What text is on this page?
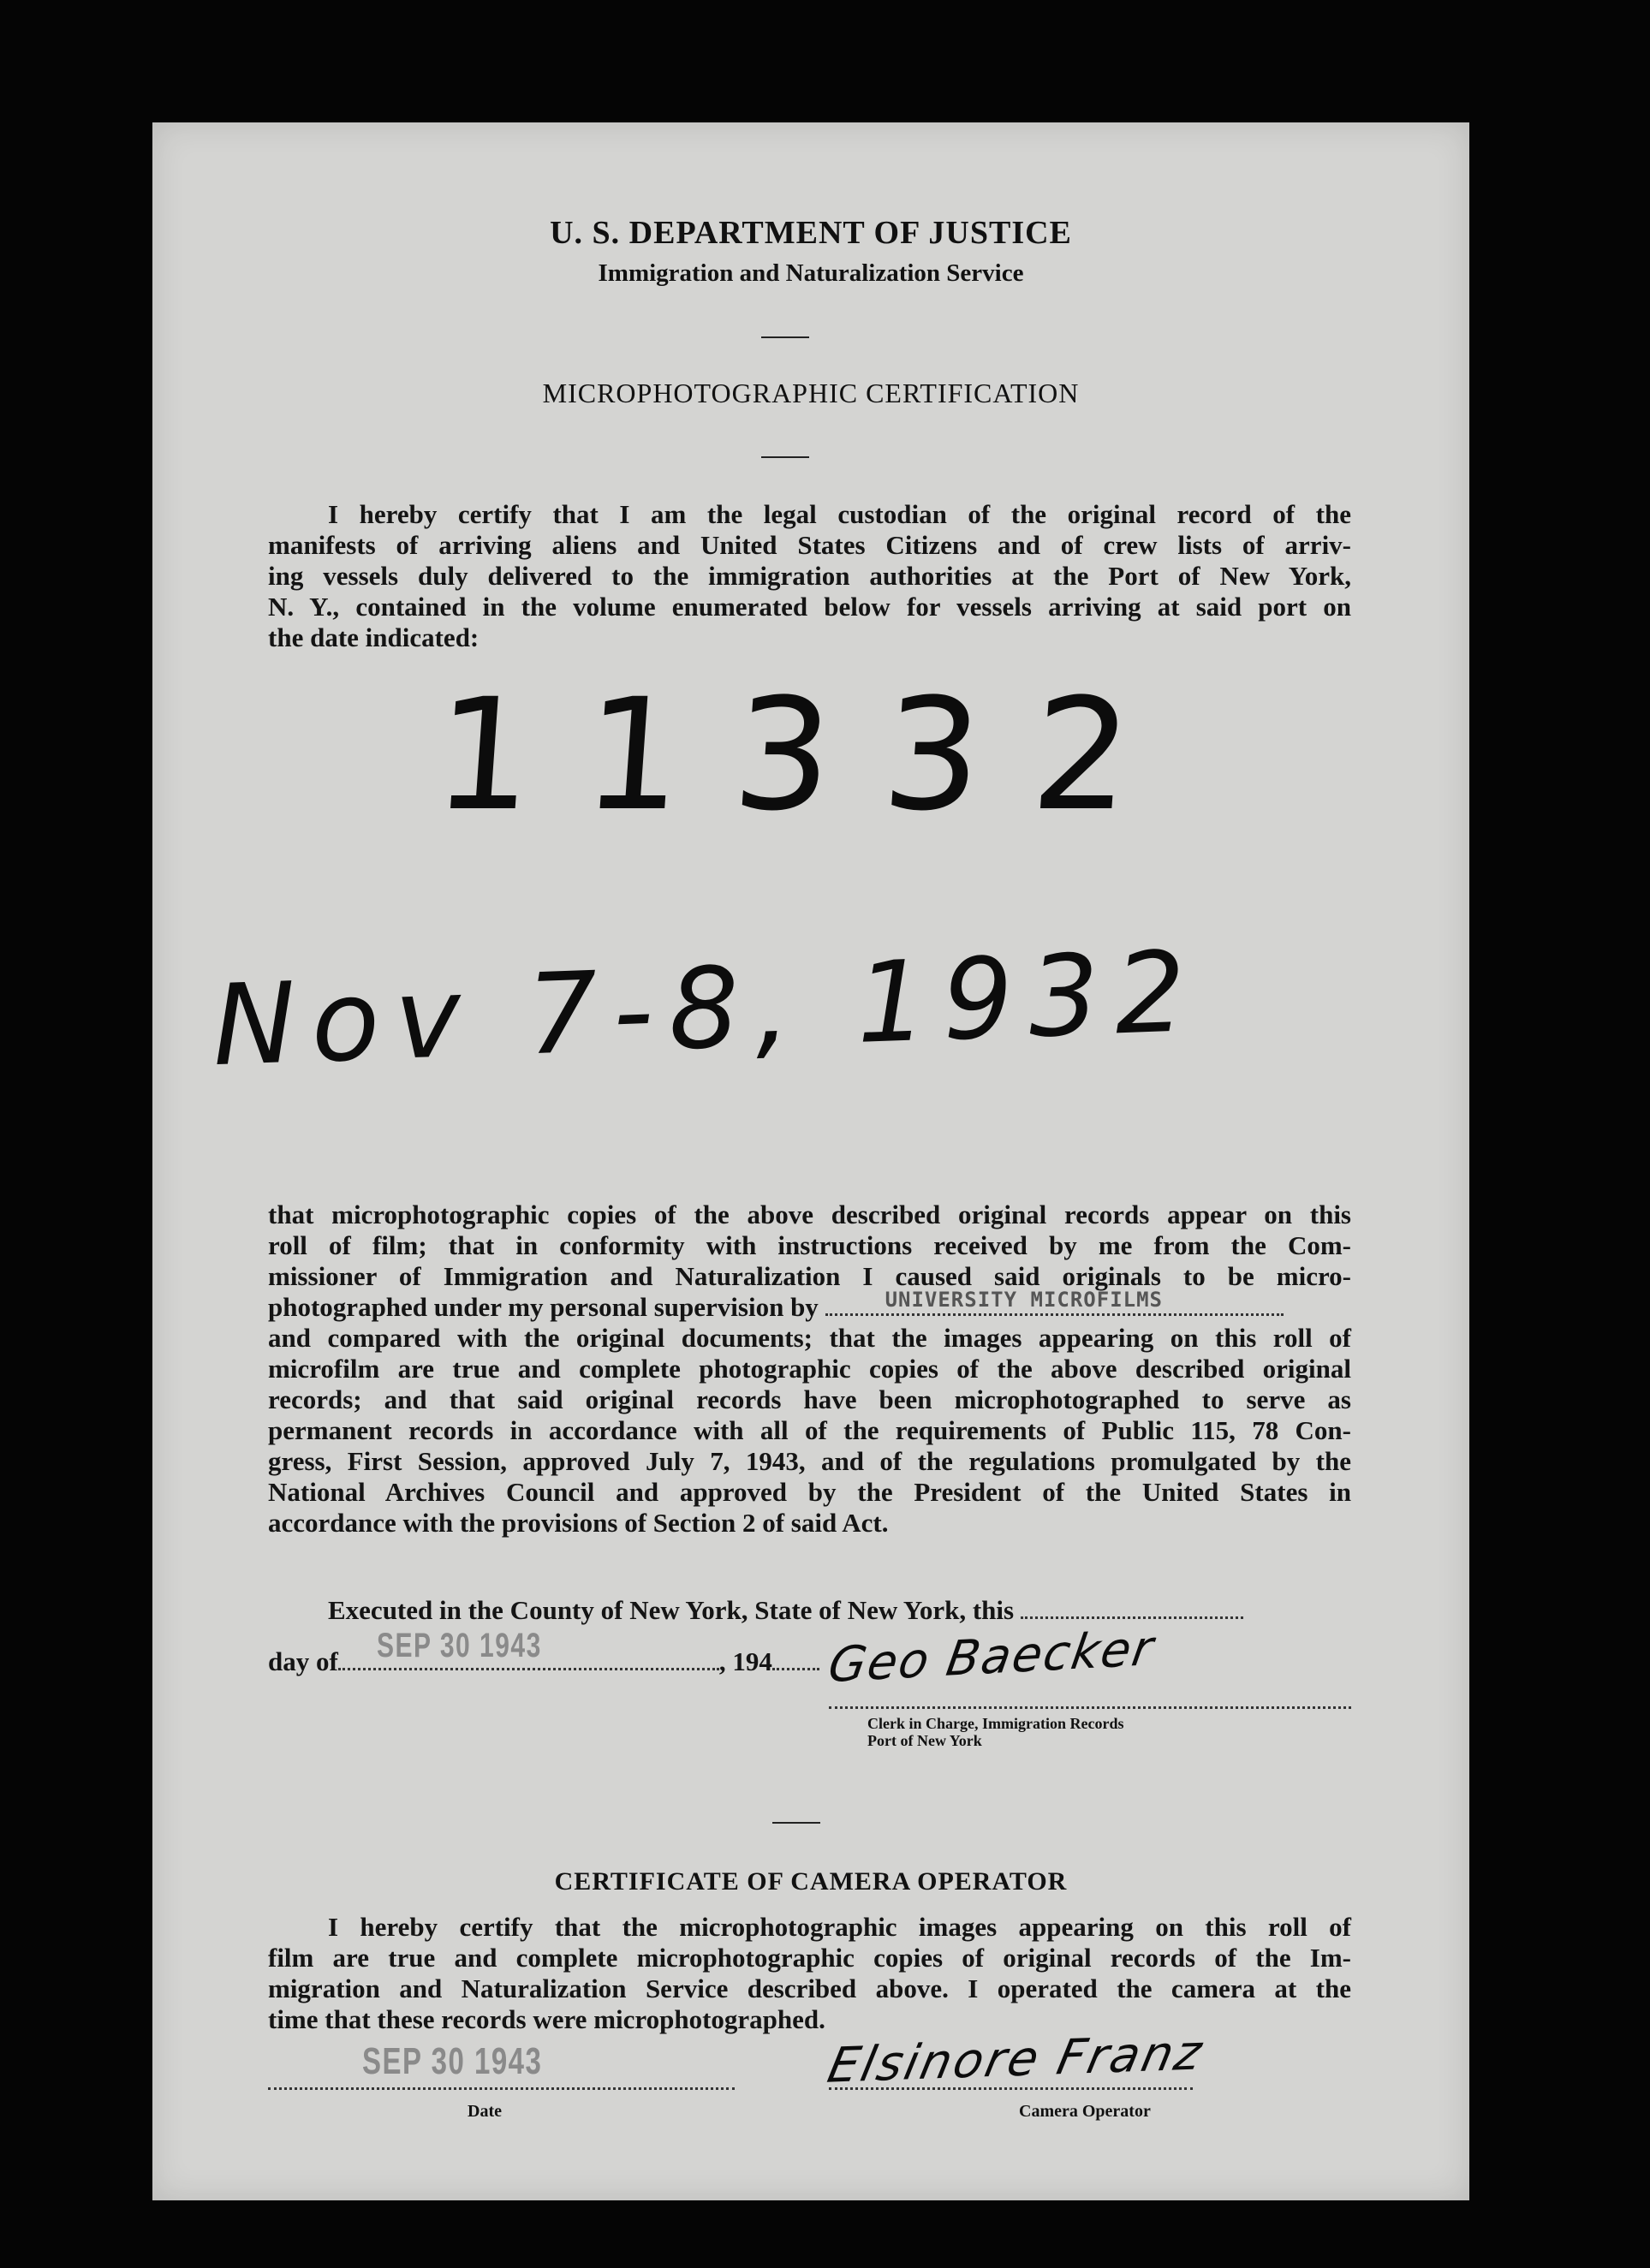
U. S. DEPARTMENT OF JUSTICE
Immigration and Naturalization Service
MICROPHOTOGRAPHIC CERTIFICATION
I hereby certify that I am the legal custodian of the original record of the
manifests of arriving aliens and United States Citizens and of crew lists of arriv-
ing vessels duly delivered to the immigration authorities at the Port of New York,
N. Y., contained in the volume enumerated below for vessels arriving at said port on
the date indicated:
11332
Nov 7-8, 1932
that microphotographic copies of the above described original records appear on this
roll of film; that in conformity with instructions received by me from the Com-
missioner of Immigration and Naturalization I caused said originals to be micro-
photographed under my personal supervision by	UNIVERSITY MICROFILMS
and compared with the original documents; that the images appearing on this roll of
microfilm are true and complete photographic copies of the above described original
records; and that said original records have been microphotographed to serve as
permanent records in accordance with all of the requirements of Public 115, 78 Con-
gress, First Session, approved July 7, 1943, and of the regulations promulgated by the
National Archives Council and approved by the President of the United States in
accordance with the provisions of Section 2 of said Act.
Executed in the County of New York, State of New York, this
day of SEP 30 1943	, 194	Geo Baecker
Clerk in Charge, Immigration Records
Port of New York
CERTIFICATE OF CAMERA OPERATOR
I hereby certify that the microphotographic images appearing on this roll of
film are true and complete microphotographic copies of original records of the Im-
migration and Naturalization Service described above. I operated the camera at the
time that these records were microphotographed.
SEP 30 1943
Date
Elsinore Franz
Camera Operator
